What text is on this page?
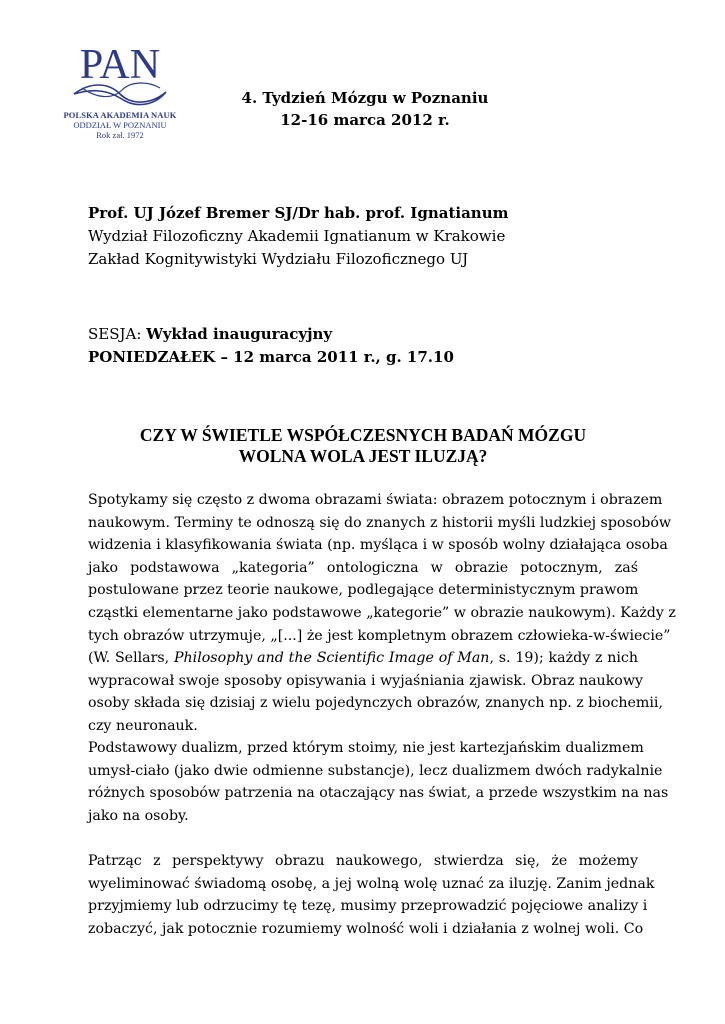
PAN
POLSKA AKADEMIA NAUK
ODDZIAŁ W POZNANIU
Rok zał. 1972
4. Tydzień Mózgu w Poznaniu
12-16 marca 2012 r.
Prof. UJ Józef Bremer SJ/Dr hab. prof. Ignatianum
Wydział Filozoficzny Akademii Ignatianum w Krakowie
Zakład Kognitywistyki Wydziału Filozoficznego UJ
SESJA: Wykład inauguracyjny
PONIEDZAŁEK – 12 marca 2011 r., g. 17.10
CZY W ŚWIETLE WSPÓŁCZESNYCH BADAŃ MÓZGU
WOLNA WOLA JEST ILUZJĄ?
Spotykamy się często z dwoma obrazami świata: obrazem potocznym i obrazem
naukowym. Terminy te odnoszą się do znanych z historii myśli ludzkiej sposobów
widzenia i klasyfikowania świata (np. myśląca i w sposób wolny działająca osoba
jako podstawowa „kategoria” ontologiczna w obrazie potocznym, zaś
postulowane przez teorie naukowe, podlegające deterministycznym prawom
cząstki elementarne jako podstawowe „kategorie” w obrazie naukowym). Każdy z
tych obrazów utrzymuje, „[...] że jest kompletnym obrazem człowieka-w-świecie”
(W. Sellars, Philosophy and the Scientific Image of Man, s. 19); każdy z nich
wypracował swoje sposoby opisywania i wyjaśniania zjawisk. Obraz naukowy
osoby składa się dzisiaj z wielu pojedynczych obrazów, znanych np. z biochemii,
czy neuronauk.
Podstawowy dualizm, przed którym stoimy, nie jest kartezjańskim dualizmem
umysł-ciało (jako dwie odmienne substancje), lecz dualizmem dwóch radykalnie
różnych sposobów patrzenia na otaczający nas świat, a przede wszystkim na nas
jako na osoby.
Patrząc z perspektywy obrazu naukowego, stwierdza się, że możemy
wyeliminować świadomą osobę, a jej wolną wolę uznać za iluzję. Zanim jednak
przyjmiemy lub odrzucimy tę tezę, musimy przeprowadzić pojęciowe analizy i
zobaczyć, jak potocznie rozumiemy wolność woli i działania z wolnej woli. Co
